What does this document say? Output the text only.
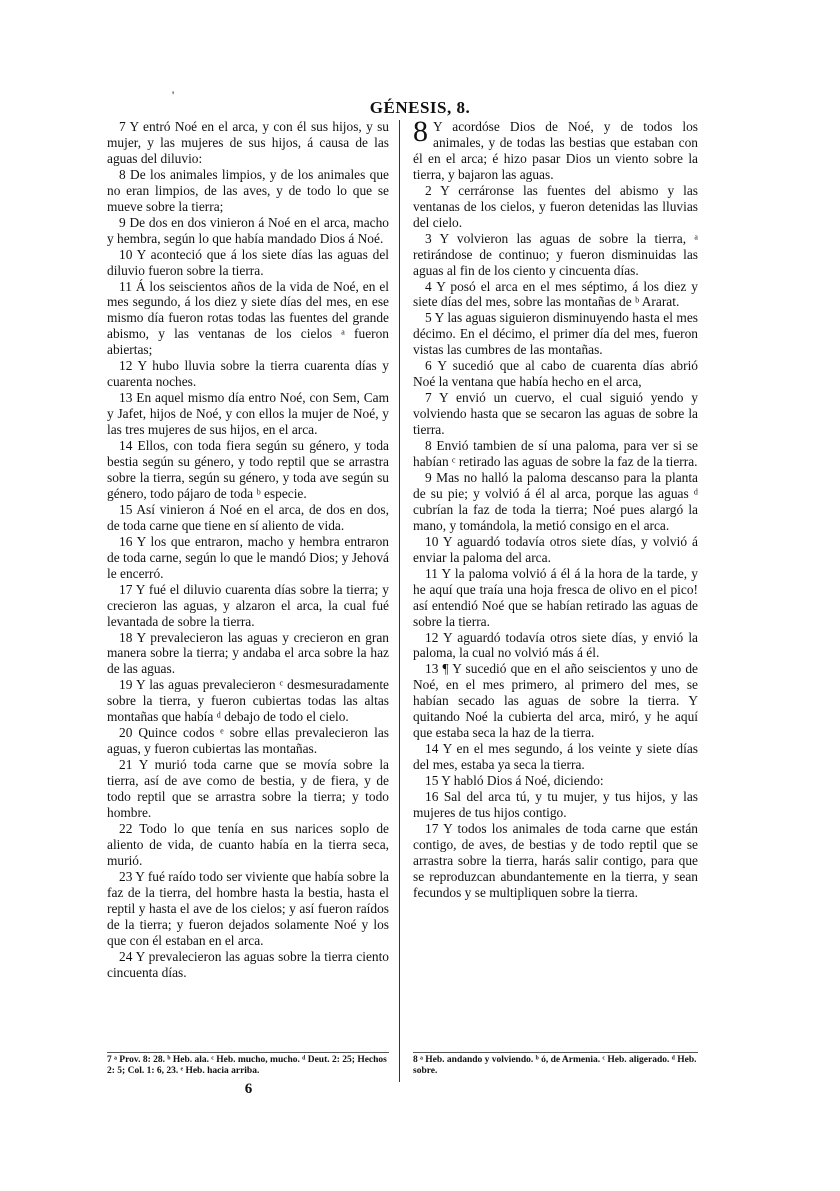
'
GÉNESIS, 8.

7 Y entró Noé en el arca, y con él sus hijos, y su mujer, y las mujeres de sus hijos, á causa de las aguas del diluvio:

8 De los animales limpios, y de los animales que no eran limpios, de las aves, y de todo lo que se mueve sobre la tierra;

9 De dos en dos vinieron á Noé en el arca, macho y hembra, según lo que había mandado Dios á Noé.

10 Y aconteció que á los siete días las aguas del diluvio fueron sobre la tierra.

11 Á los seiscientos años de la vida de Noé, en el mes segundo, á los diez y siete días del mes, en ese mismo día fueron rotas todas las fuentes del grande abismo, y las ventanas de los cielos ᵃ fueron abiertas;

12 Y hubo lluvia sobre la tierra cuarenta días y cuarenta noches.

13 En aquel mismo día entro Noé, con Sem, Cam y Jafet, hijos de Noé, y con ellos la mujer de Noé, y las tres mujeres de sus hijos, en el arca.

14 Ellos, con toda fiera según su género, y toda bestia según su género, y todo reptil que se arrastra sobre la tierra, según su género, y toda ave según su género, todo pájaro de toda ᵇ especie.

15 Así vinieron á Noé en el arca, de dos en dos, de toda carne que tiene en sí aliento de vida.

16 Y los que entraron, macho y hembra entraron de toda carne, según lo que le mandó Dios; y Jehová le encerró.

17 Y fué el diluvio cuarenta días sobre la tierra; y crecieron las aguas, y alzaron el arca, la cual fué levantada de sobre la tierra.

18 Y prevalecieron las aguas y crecieron en gran manera sobre la tierra; y andaba el arca sobre la haz de las aguas.

19 Y las aguas prevalecieron ᶜ desmesuradamente sobre la tierra, y fueron cubiertas todas las altas montañas que había ᵈ debajo de todo el cielo.

20 Quince codos ᵉ sobre ellas prevalecieron las aguas, y fueron cubiertas las montañas.

21 Y murió toda carne que se movía sobre la tierra, así de ave como de bestia, y de fiera, y de todo reptil que se arrastra sobre la tierra; y todo hombre.

22 Todo lo que tenía en sus narices soplo de aliento de vida, de cuanto había en la tierra seca, murió.

23 Y fué raído todo ser viviente que había sobre la faz de la tierra, del hombre hasta la bestia, hasta el reptil y hasta el ave de los cielos; y así fueron raídos de la tierra; y fueron dejados solamente Noé y los que con él estaban en el arca.

24 Y prevalecieron las aguas sobre la tierra ciento cincuenta días.

8 Y acordóse Dios de Noé, y de todos los animales, y de todas las bestias que estaban con él en el arca; é hizo pasar Dios un viento sobre la tierra, y bajaron las aguas.

2 Y cerráronse las fuentes del abismo y las ventanas de los cielos, y fueron detenidas las lluvias del cielo.

3 Y volvieron las aguas de sobre la tierra, ᵃ retirándose de continuo; y fueron disminuidas las aguas al fin de los ciento y cincuenta días.

4 Y posó el arca en el mes séptimo, á los diez y siete días del mes, sobre las montañas de ᵇ Ararat.

5 Y las aguas siguieron disminuyendo hasta el mes décimo. En el décimo, el primer día del mes, fueron vistas las cumbres de las montañas.

6 Y sucedió que al cabo de cuarenta días abrió Noé la ventana que había hecho en el arca,

7 Y envió un cuervo, el cual siguió yendo y volviendo hasta que se secaron las aguas de sobre la tierra.

8 Envió tambien de sí una paloma, para ver si se habían ᶜ retirado las aguas de sobre la faz de la tierra.

9 Mas no halló la paloma descanso para la planta de su pie; y volvió á él al arca, porque las aguas ᵈ cubrían la faz de toda la tierra; Noé pues alargó la mano, y tomándola, la metió consigo en el arca.

10 Y aguardó todavía otros siete días, y volvió á enviar la paloma del arca.

11 Y la paloma volvió á él á la hora de la tarde, y he aquí que traía una hoja fresca de olivo en el pico! así entendió Noé que se habían retirado las aguas de sobre la tierra.

12 Y aguardó todavía otros siete días, y envió la paloma, la cual no volvió más á él.

13 ¶ Y sucedió que en el año seiscientos y uno de Noé, en el mes primero, al primero del mes, se habían secado las aguas de sobre la tierra. Y quitando Noé la cubierta del arca, miró, y he aquí que estaba seca la haz de la tierra.

14 Y en el mes segundo, á los veinte y siete días del mes, estaba ya seca la tierra.

15 Y habló Dios á Noé, diciendo:

16 Sal del arca tú, y tu mujer, y tus hijos, y las mujeres de tus hijos contigo.

17 Y todos los animales de toda carne que están contigo, de aves, de bestias y de todo reptil que se arrastra sobre la tierra, harás salir contigo, para que se reproduzcan abundantemente en la tierra, y sean fecundos y se multipliquen sobre la tierra.

7 ᵃ Prov. 8: 28. ᵇ Heb. ala. ᶜ Heb. mucho, mucho. ᵈ Deut. 2: 25; Hechos 2: 5; Col. 1: 6, 23. ᵉ Heb. hacia arriba.
8 ᵃ Heb. andando y volviendo. ᵇ ó, de Armenia. ᶜ Heb. aligerado. ᵈ Heb. sobre.
6
